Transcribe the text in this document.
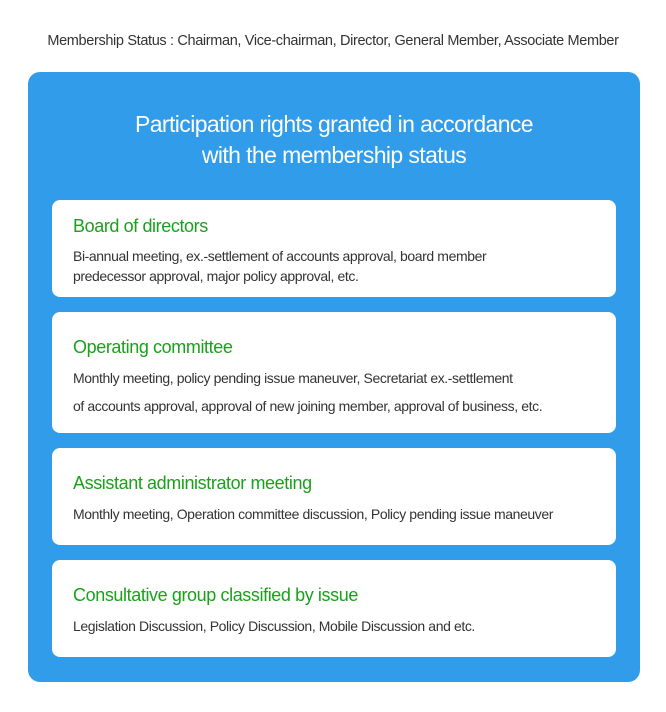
Membership Status : Chairman, Vice-chairman, Director, General Member, Associate Member
Participation rights granted in accordance
with the membership status
Board of directors
Bi-annual meeting, ex.-settlement of accounts approval, board member
predecessor approval, major policy approval, etc.
Operating committee
Monthly meeting, policy pending issue maneuver, Secretariat ex.-settlement
of accounts approval, approval of new joining member, approval of business, etc.
Assistant administrator meeting
Monthly meeting, Operation committee discussion, Policy pending issue maneuver
Consultative group classified by issue
Legislation Discussion, Policy Discussion, Mobile Discussion and etc.
